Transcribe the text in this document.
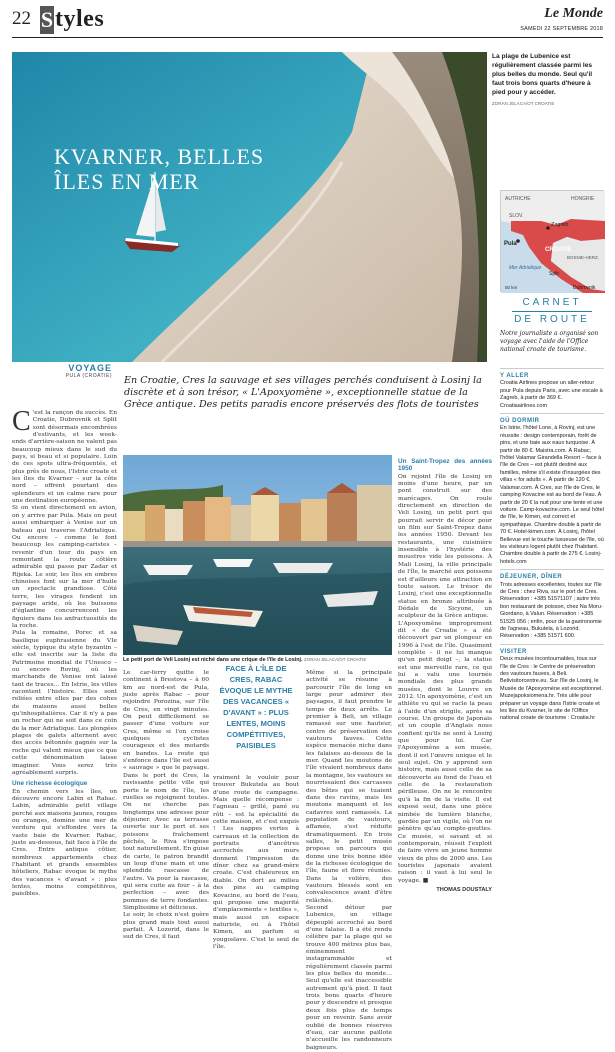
22 S tyles	Le Monde
SAMEDI 22 SEPTEMBRE 2018
KVARNER, BELLES
ÎLES EN MER
La plage de Lubenice est régulièrement classée parmi les plus belles du monde. Seul qu'il faut trois bons quarts d'heure à pied pour y accéder.
ZORAN JELACA/OT CROATIE
AUTRICHE	HONGRIE
SLOV.
Zagreb
Pula
CROATIE
BOSNIE-HERZ.
Mer Adriatique
Split
Dubrovnik
50 km
CARNET
DE ROUTE
Notre journaliste a organisé son voyage avec l'aide de l'Office national croate de tourisme.
Y ALLER
Croatia Airlines propose un aller-retour pour Pula depuis Paris, avec une escale à Zagreb, à partir de 369 €. Croatiaairlines.com
OÙ DORMIR
En Istrie, l'hôtel Lone, à Rovinj, est une réussite : design contemporain, forêt de pins, et une baie aux eaux turquoise. À partir de 80 €. Maistra.com. À Rabac, l'hôtel Valamar Girandella Resort – face à l'île de Cres – est plutôt destiné aux familles, même s'il existe d'insurgées des villas « for adults ». À partir de 120 €. Valamar.com. À Cres, sur l'île de Cres, le camping Kovacine est au bord de l'eau. À partir de 20 € la nuit pour une tente et une voiture. Camp-kovacine.com. Le seul hôtel de l'île, le Kimen, est correct et sympathique. Chambre double à partir de 70 €. Hotel-kimen.com. À Losinj, l'hôtel Bellevue est le touche luxueuse de l'île, où les visiteurs logent plutôt chez l'habitant. Chambre double à partir de 275 €. Losinj-hotels.com
DÉJEUNER, DÎNER
Trois adresses excellentes, toutes sur l'île de Cres : chez Riva, sur le port de Cres. Réservation : +385 51571107 ; autre très bon restaurant de poisson, chez Na Moru-Giordano, à Valun. Réservation : +385 51525 056 ; enfin, pour de la gastronomie de l'agneau, Bukutela, à Lozorid. Réservation : +385 51571 600.
VISITER
Deux musées incontournables, tous sur l'île de Cres : le Centre de préservation des vautours fauves, à Beli. Belivisitorcentre.eu. Sur l'île de Losinj, le Musée de l'Apoxyomène est exceptionnel. Muzejapoksiomena.hr. Très utile pour préparer un voyage dans l'Istrie croate et les îles du Kvarner, le site de l'Office national croate de tourisme : Croatia.hr
VOYAGE
PULA (CROATIE) En Croatie, Cres la sauvage et ses villages perchés conduisent à Losinj la discrète et à son trésor, « L'Apoxyomène », exceptionnelle statue de la Grèce antique. Des petits paradis encore préservés des flots de touristes
C 'est la rançon du succès. En Croatie, Dubrovnik et Split sont désormais encombrées d'estivants, et les week-ends d'arrière-saison ne valent pas beaucoup mieux dans le sud du pays, si beau et si populaire. Loin de ces spots ultra-fréquentés, et plus près de nous, l'Istrie croate et les îles du Kvarner – sur la côte nord – offrent pourtant des splendeurs et un calme rare pour une destination européenne.

Si on vient directement en avion, on y arrive par Pula. Mais on peut aussi embarquer à Venise sur un bateau qui traverse l'Adriatique. Ou encore – comme le font beaucoup les camping-caristes – revenir d'un tour du pays en remontant la route côtière admirable qui passe par Zadar et Rijeka. Le soir, les îles en ombres chinoises font sur la mer d'huile un spectacle grandiose. Côté terre, les virages fendent un paysage aride, où les buissons d'églantine concurrencent les figuiers dans les anfractuosités de la roche.

Pula la romaine, Porec et sa basilique euphrasienne du VIe siècle, typique du style byzantin – elle est inscrite sur la liste du Patrimoine mondial de l'Unesco – ou encore Rovinj, où les marchands de Venise ont laissé tant de traces… En Istrie, les villes racontent l'histoire. Elles sont reliées entre elles par des cohes de maisons aussi belles qu'inhospitalières. Car il n'y a pas un rocher qui ne soit dans ce coin de la mer Adriatique. Les plongées plages de galets alternent avec des accès bétonnés gagnés sur la roche qui valent mieux que ce que cette dénomination laisse imaginer. Vous serez très agréablement surpris.

Une richesse écologique

En chemin vers les îles, on découvre encore Labin et Rabac. Labin, admirable petit village perché aux maisons jaunes, rouges ou oranges, domine une mer de verdure qui s'effondre vers la vaste baie de Kvarner. Rabac, juste au-dessous, fait face à l'île de Cres. Entre antique côtier, nombreux appartements chez l'habitant et grands ensembles hôteliers, Rabac évoque le mythe des vacances « d'avant » : plus lentes, moins compétitives, paisibles.

Le petit port de Veli Losinj est niché dans une crique de l'île de Losinj. ZORAN JELACA/OT CROATIE

Le car-ferry quitte le continent à Brestova – à 60 km au nord-est de Pula, juste après Rabac – pour rejoindre Porozina, sur l'île de Cres, en vingt minutes. On peut difficilement se passer d'une voiture sur Cres, même si l'on croise quelques cyclistes courageux et des motards en bandes. La route qui s'enfonce dans l'île est aussi « sauvage » que le paysage. Dans le port de Cres, la ravissante petite ville qui porte le nom de l'île, les ruelles se rejoignent toutes. On ne cherche pas longtemps une adresse pour déjeuner. Avec sa terrasse ouverte sur le port et ses poissons fraîchement pêchés, le Riva s'impose tout naturellement. En guise de carte, le patron brandit un loup d'une main et une splendide rascasse de l'autre. Va pour la rascasse, qui sera cuite au four – à la perfection – avec des pommes de terre fondantes. Simplissime et délicieux.

Le soir, le choix n'est guère plus grand mais tout aussi parfait. À Lozorid, dans le sud de Cres, il faut

FACE À L'ÎLE DE CRES, RABAC ÉVOQUE LE MYTHE DES VACANCES « D'AVANT » : PLUS LENTES, MOINS COMPÉTITIVES, PAISIBLES

vraiment le vouloir pour trouver Bukutela au bout d'une route de campagne. Mais quelle récompense : l'agneau – grillé, pané ou rôti – est la spécialité de cette maison, et c'est exquis ! Les nappes vertes à carreaux et la collection de portraits d'ancêtres accrochés aux murs donnent l'impression de dîner chez sa grand-mère croate. C'est chaleureux en diable. On dort au milieu des pins au camping Kovacine, au bord de l'eau, qui propose une majorité d'emplacements « textiles », mais aussi un espace naturiste, ou à l'hôtel Kimen, au parfum si yougoslave. C'est le seul de l'île.

Même si la principale activité se résume à parcourir l'île de long en large pour admirer des paysages, il faut prendre le temps de deux arrêts. Le premier à Beli, un village ramassé sur une hauteur, centre de préservation des vautours fauves. Cette espèce menacée niche dans les falaises au-dessus de la mer. Quand les moutons de l'île vivaient nombreux dans la montagne, les vautours se nourrissaient des carcasses des bêtes qui se tuaient dans des ravins, mais les moutons manquent et les cadavres sont ramassés. La population de vautours, affamée, s'est réduite dramatiquement. En trois salles, le petit musée propose un parcours qui donne une très bonne idée de la richesse écologique de l'île, faune et flore réunies. Dans la volière, des vautours blessés sont en convalescence avant d'être relâchés.

Second détour par Lubenice, un village dépeuplé accroché au bord d'une falaise. Il a été rendu célèbre par la plage qui se trouve 400 mètres plus bas, éminemment instagrammable et régulièrement classée parmi les plus belles du monde… Seul qu'elle est inaccessible autrement qu'à pied. Il faut trois bons quarts d'heure pour y descendre et presque deux fois plus de temps pour en revenir. Sans avoir oublié de bonnes réserves d'eau, car aucune paillote n'accueille les randonneurs baigneurs.

Un Saint-Tropez des années 1950

On rejoint l'île de Losinj en moins d'une heure, par un pont construit sur des marécages. On roule directement en direction de Veli Losinj, un petit port qui pourrait servir de décor pour un film sur Saint-Tropez dans les années 1950. Devant les restaurants, une cuisinière insensible à l'hystérie des moustres vide les poissons. À Mali Losinj, la ville principale de l'île, le marché aux poissons est d'ailleurs une attraction en toute saison. Le trésor de Losinj, c'est une exceptionnelle statue en bronze attribuée à Dédale de Sicyone, un sculpteur de la Grèce antique.

L'Apoxyomène improprement dit « de Croatie » a été découvert par un plongeur en 1996 à l'est de l'île. Quasiment complète – il ne lui manque qu'un petit doigt –, la statue est une merveille rare, ce qui lui a valu une tournée mondiale des plus grands musées, dont le Louvre en 2012. Un apoxyomène, c'est un athlète vu qui se racle la peau à l'aide d'un strigile, après sa course. Un groupe de Japonais et un couple d'Anglais nous confient qu'ils ne sont à Losinj que pour lui. Car l'Apoxyomène a son musée, dont il est l'œuvre unique et le seul sujet. On y apprend son histoire, mais aussi celle de sa découverte au fond de l'eau et celle de la restauration périlleuse. On ne le rencontre qu'à la fin de la visite. Il est exposé seul, dans une pièce nimbée de lumière blanche, gardée par un vigile, où l'on ne pénètre qu'au compte-gouttes. Ce musée, si savant et si contemporain, réussit l'exploit de faire vivre un jeune homme vieux de plus de 2000 ans. Les touristes japonais avaient raison : il vaut à lui seul le voyage. ■

THOMAS DOUSTALY
